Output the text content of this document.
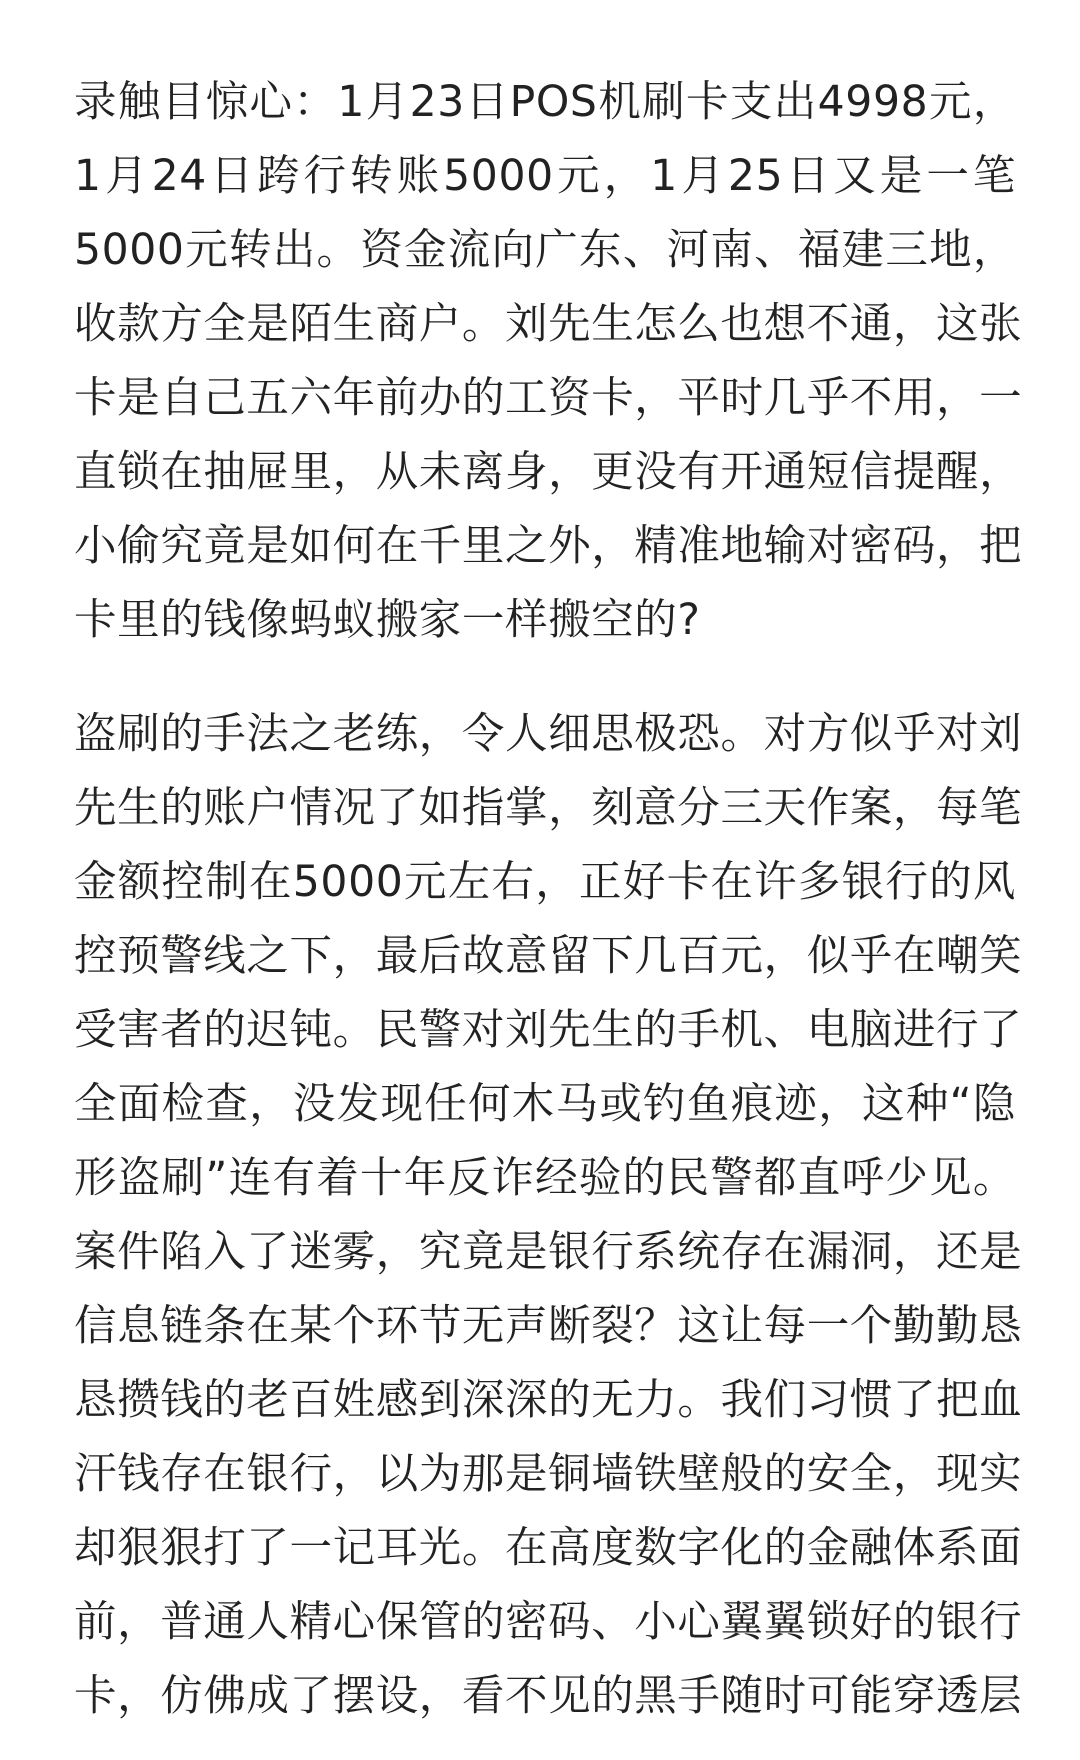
录触目惊心：1月23日POS机刷卡支出4998元，
1月24日跨行转账5000元，1月25日又是一笔
5000元转出。资金流向广东、河南、福建三地，
收款方全是陌生商户。刘先生怎么也想不通，这张
卡是自己五六年前办的工资卡，平时几乎不用，一
直锁在抽屉里，从未离身，更没有开通短信提醒，
小偷究竟是如何在千里之外，精准地输对密码，把
卡里的钱像蚂蚁搬家一样搬空的?

盗刷的手法之老练，令人细思极恐。对方似乎对刘
先生的账户情况了如指掌，刻意分三天作案，每笔
金额控制在5000元左右，正好卡在许多银行的风
控预警线之下，最后故意留下几百元，似乎在嘲笑
受害者的迟钝。民警对刘先生的手机、电脑进行了
全面检查，没发现任何木马或钓鱼痕迹，这种“隐
形盗刷”连有着十年反诈经验的民警都直呼少见。
案件陷入了迷雾，究竟是银行系统存在漏洞，还是
信息链条在某个环节无声断裂？这让每一个勤勤恳
恳攒钱的老百姓感到深深的无力。我们习惯了把血
汗钱存在银行，以为那是铜墙铁壁般的安全，现实
却狠狠打了一记耳光。在高度数字化的金融体系面
前，普通人精心保管的密码、小心翼翼锁好的银行
卡，仿佛成了摆设，看不见的黑手随时可能穿透层
